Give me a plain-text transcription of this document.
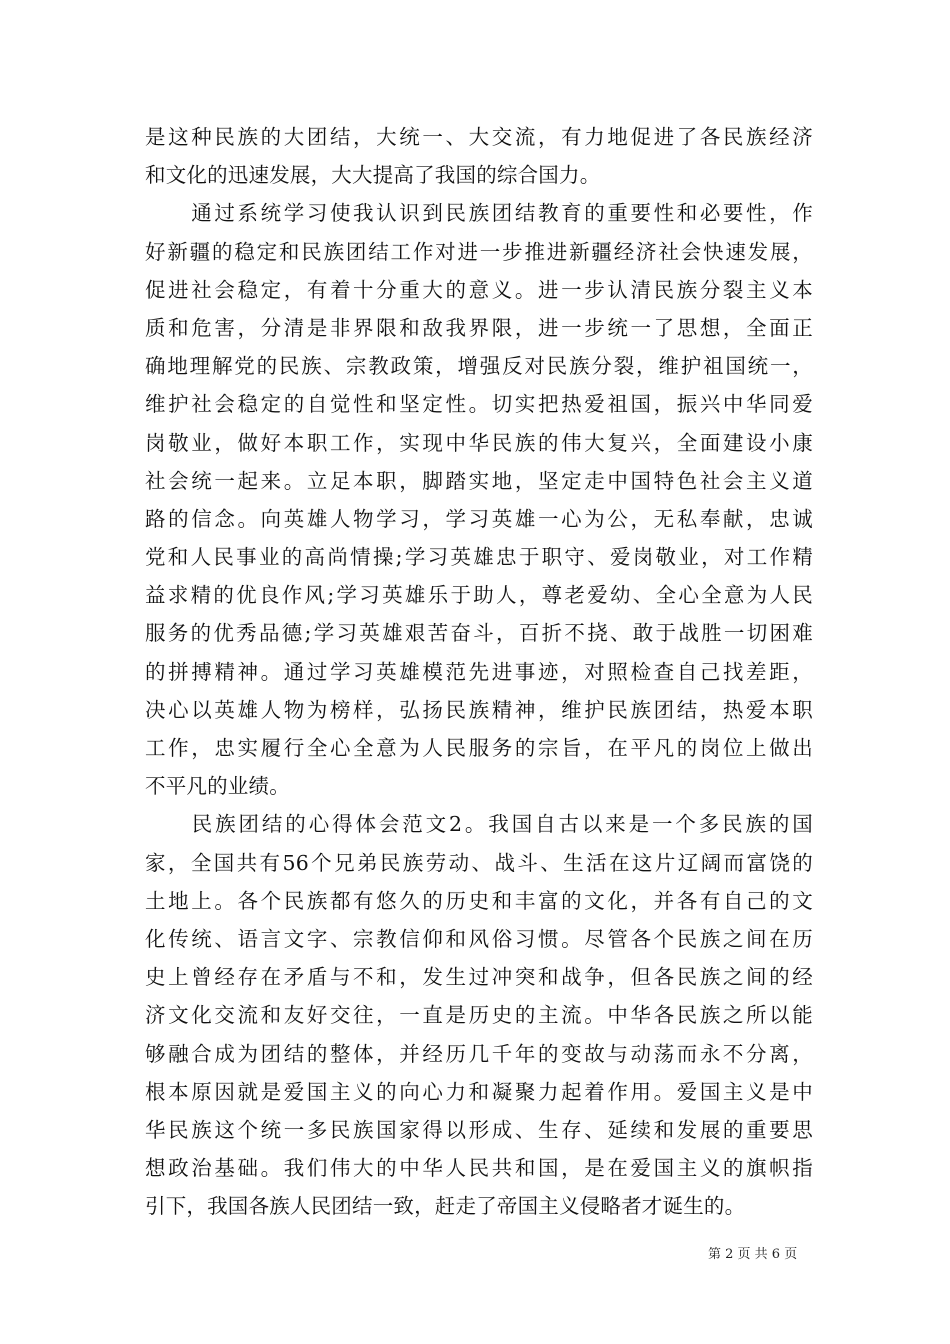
是这种民族的大团结，大统一、大交流，有力地促进了各民族经济
和文化的迅速发展，大大提高了我国的综合国力。
　　通过系统学习使我认识到民族团结教育的重要性和必要性，作
好新疆的稳定和民族团结工作对进一步推进新疆经济社会快速发展，
促进社会稳定，有着十分重大的意义。进一步认清民族分裂主义本
质和危害，分清是非界限和敌我界限，进一步统一了思想，全面正
确地理解党的民族、宗教政策，增强反对民族分裂，维护祖国统一，
维护社会稳定的自觉性和坚定性。切实把热爱祖国，振兴中华同爱
岗敬业，做好本职工作，实现中华民族的伟大复兴，全面建设小康
社会统一起来。立足本职，脚踏实地，坚定走中国特色社会主义道
路的信念。向英雄人物学习，学习英雄一心为公，无私奉献，忠诚
党和人民事业的高尚情操;学习英雄忠于职守、爱岗敬业，对工作精
益求精的优良作风;学习英雄乐于助人，尊老爱幼、全心全意为人民
服务的优秀品德;学习英雄艰苦奋斗，百折不挠、敢于战胜一切困难
的拼搏精神。通过学习英雄模范先进事迹，对照检查自己找差距，
决心以英雄人物为榜样，弘扬民族精神，维护民族团结，热爱本职
工作，忠实履行全心全意为人民服务的宗旨，在平凡的岗位上做出
不平凡的业绩。
　　民族团结的心得体会范文2。我国自古以来是一个多民族的国
家，全国共有56个兄弟民族劳动、战斗、生活在这片辽阔而富饶的
土地上。各个民族都有悠久的历史和丰富的文化，并各有自己的文
化传统、语言文字、宗教信仰和风俗习惯。尽管各个民族之间在历
史上曾经存在矛盾与不和，发生过冲突和战争，但各民族之间的经
济文化交流和友好交往，一直是历史的主流。中华各民族之所以能
够融合成为团结的整体，并经历几千年的变故与动荡而永不分离，
根本原因就是爱国主义的向心力和凝聚力起着作用。爱国主义是中
华民族这个统一多民族国家得以形成、生存、延续和发展的重要思
想政治基础。我们伟大的中华人民共和国，是在爱国主义的旗帜指
引下，我国各族人民团结一致，赶走了帝国主义侵略者才诞生的。
第 2 页 共 6 页
